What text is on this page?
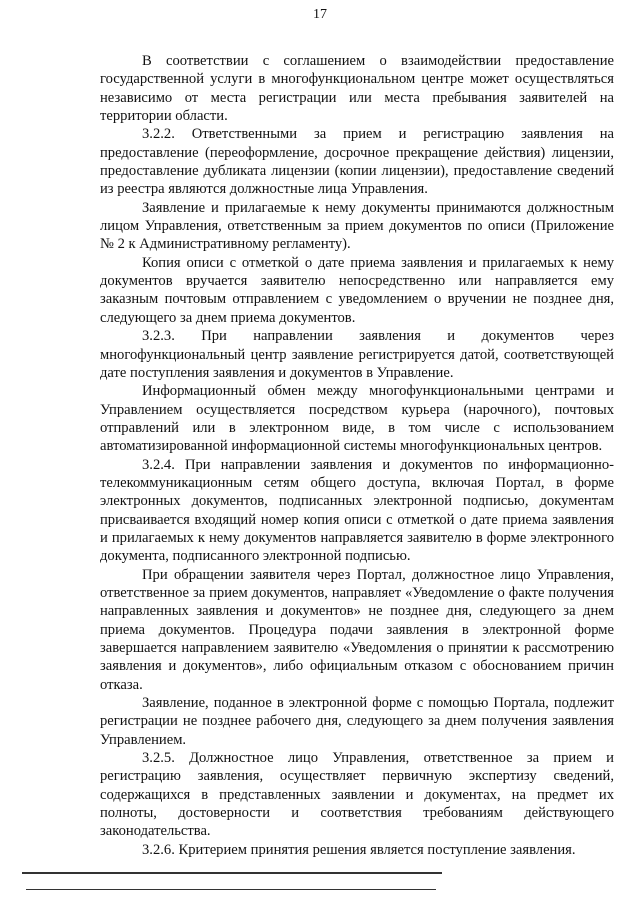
17

В соответствии с соглашением о взаимодействии предоставление государственной услуги в многофункциональном центре может осуществляться независимо от места регистрации или места пребывания заявителей на территории области.

3.2.2. Ответственными за прием и регистрацию заявления на предоставление (переоформление, досрочное прекращение действия) лицензии, предоставление дубликата лицензии (копии лицензии), предоставление сведений из реестра являются должностные лица Управления.

Заявление и прилагаемые к нему документы принимаются должностным лицом Управления, ответственным за прием документов по описи (Приложение № 2 к Административному регламенту).

Копия описи с отметкой о дате приема заявления и прилагаемых к нему документов вручается заявителю непосредственно или направляется ему заказным почтовым отправлением с уведомлением о вручении не позднее дня, следующего за днем приема документов.

3.2.3. При направлении заявления и документов через многофункциональный центр заявление регистрируется датой, соответствующей дате поступления заявления и документов в Управление.

Информационный обмен между многофункциональными центрами и Управлением осуществляется посредством курьера (нарочного), почтовых отправлений или в электронном виде, в том числе с использованием автоматизированной информационной системы многофункциональных центров.

3.2.4. При направлении заявления и документов по информационно-телекоммуникационным сетям общего доступа, включая Портал, в форме электронных документов, подписанных электронной подписью, документам присваивается входящий номер копия описи с отметкой о дате приема заявления и прилагаемых к нему документов направляется заявителю в форме электронного документа, подписанного электронной подписью.

При обращении заявителя через Портал, должностное лицо Управления, ответственное за прием документов, направляет «Уведомление о факте получения направленных заявления и документов» не позднее дня, следующего за днем приема документов. Процедура подачи заявления в электронной форме завершается направлением заявителю «Уведомления о принятии к рассмотрению заявления и документов», либо официальным отказом с обоснованием причин отказа.

Заявление, поданное в электронной форме с помощью Портала, подлежит регистрации не позднее рабочего дня, следующего за днем получения заявления Управлением.

3.2.5. Должностное лицо Управления, ответственное за прием и регистрацию заявления, осуществляет первичную экспертизу сведений, содержащихся в представленных заявлении и документах, на предмет их полноты, достоверности и соответствия требованиям действующего законодательства.

3.2.6. Критерием принятия решения является поступление заявления.
